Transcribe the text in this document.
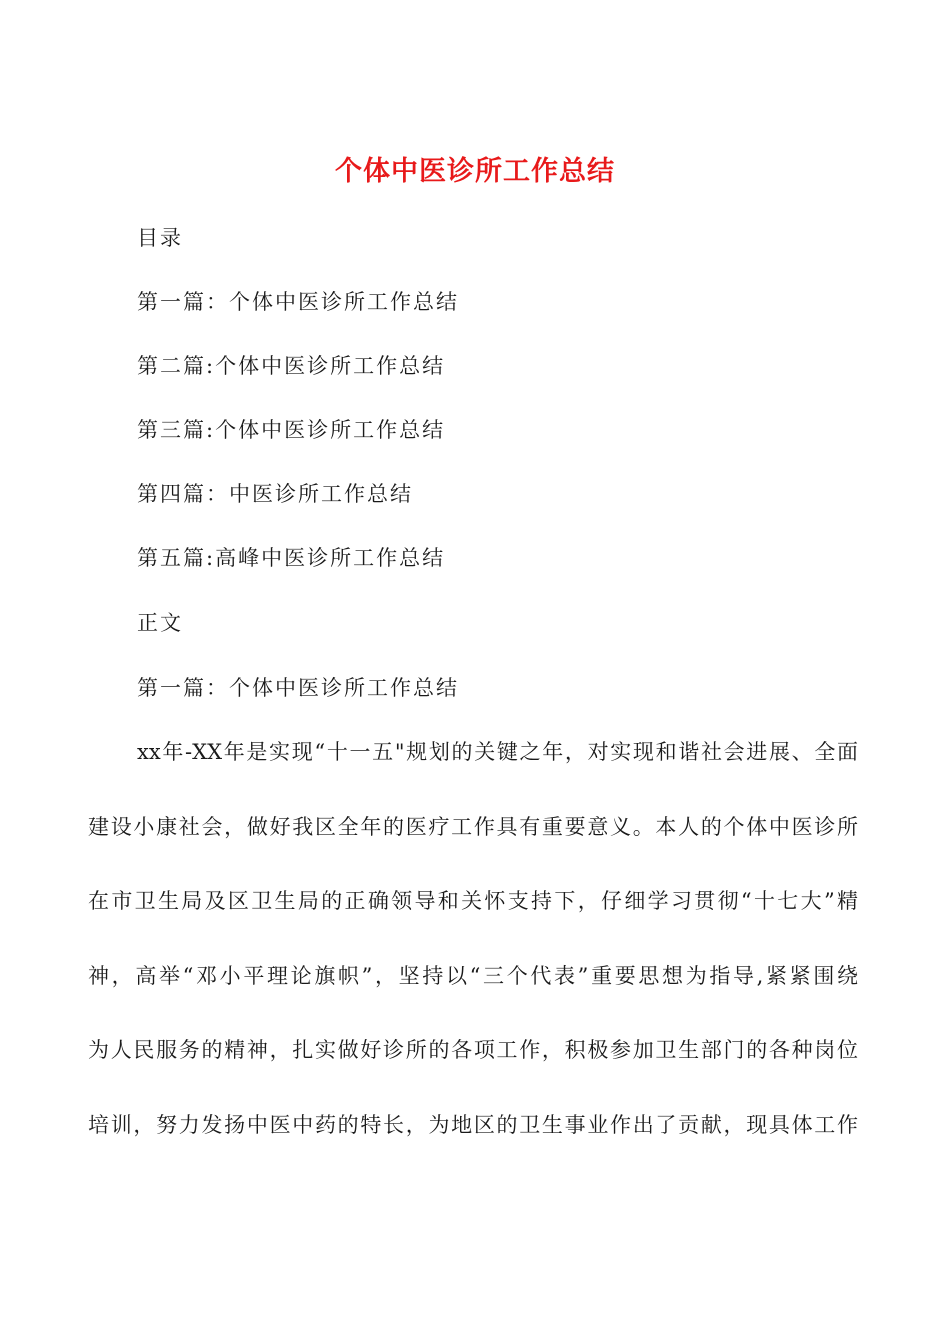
个体中医诊所工作总结
目录
第一篇：个体中医诊所工作总结
第二篇:个体中医诊所工作总结
第三篇:个体中医诊所工作总结
第四篇：中医诊所工作总结
第五篇:高峰中医诊所工作总结
正文
第一篇：个体中医诊所工作总结
xx年-XX年是实现“十一五"规划的关键之年，对实现和谐社会进展、全面
建设小康社会，做好我区全年的医疗工作具有重要意义。本人的个体中医诊所
在市卫生局及区卫生局的正确领导和关怀支持下，仔细学习贯彻“十七大”精
神，高举“邓小平理论旗帜”，坚持以“三个代表”重要思想为指导,紧紧围绕
为人民服务的精神，扎实做好诊所的各项工作，积极参加卫生部门的各种岗位
培训，努力发扬中医中药的特长，为地区的卫生事业作出了贡献，现具体工作
